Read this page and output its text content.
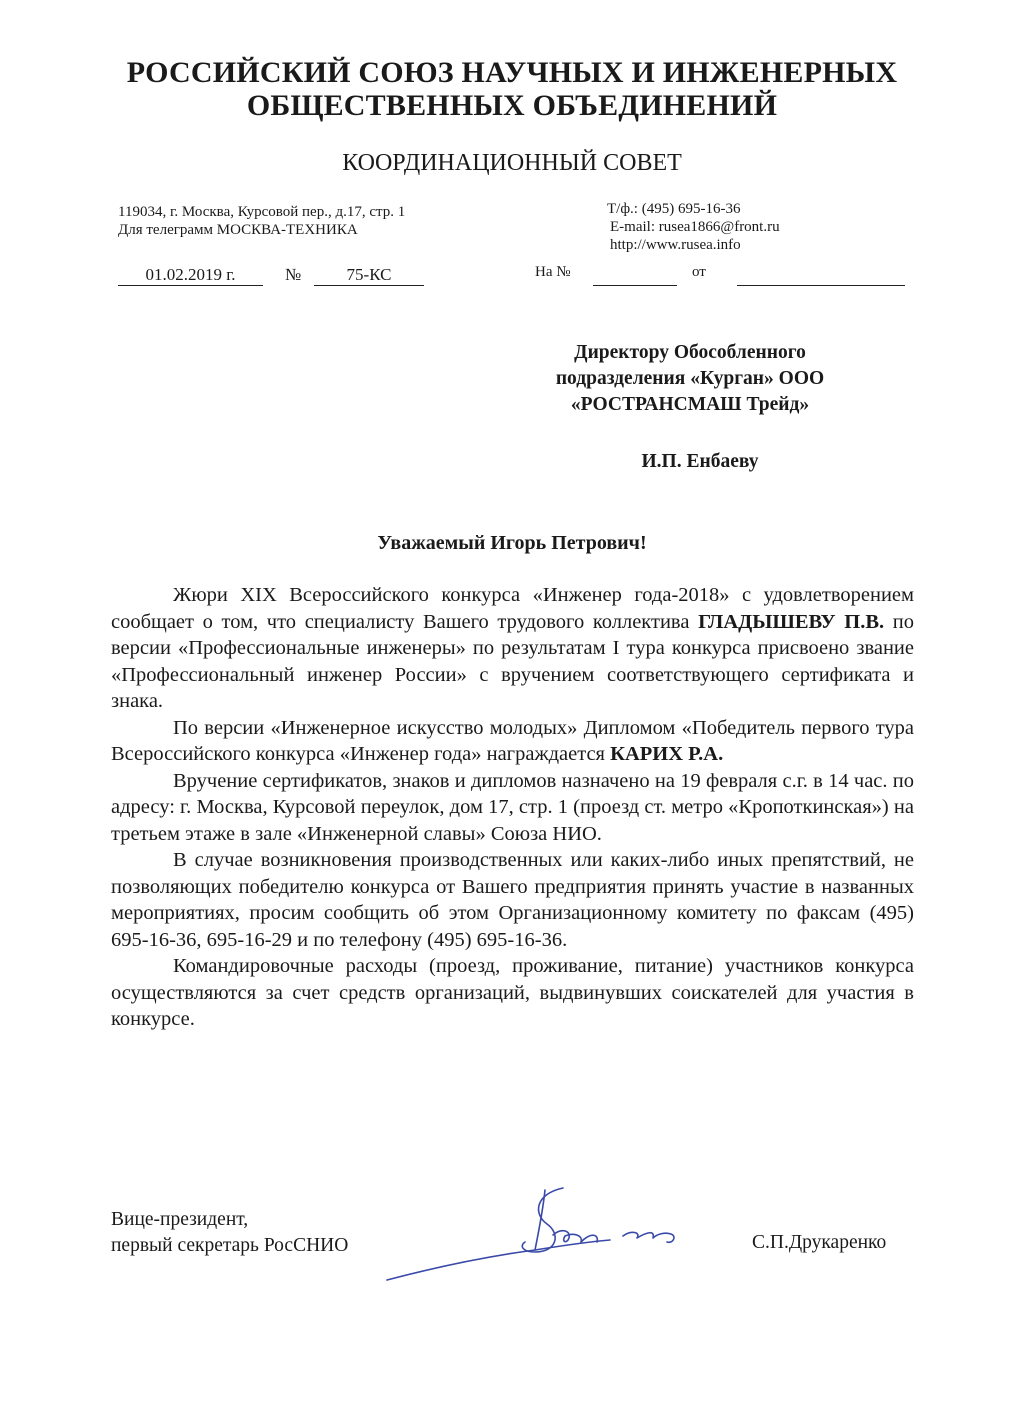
РОССИЙСКИЙ СОЮЗ НАУЧНЫХ И ИНЖЕНЕРНЫХ
ОБЩЕСТВЕННЫХ ОБЪЕДИНЕНИЙ
КООРДИНАЦИОННЫЙ СОВЕТ
119034, г. Москва, Курсовой пер., д.17, стр. 1
Для телеграмм МОСКВА-ТЕХНИКА
Т/ф.: (495) 695-16-36
E-mail: rusea1866@front.ru
http://www.rusea.info
01.02.2019 г.	№	75-КС	На №	от
Директору Обособленного
подразделения «Курган» ООО
«РОСТРАНСМАШ Трейд»
И.П. Енбаеву
Уважаемый Игорь Петрович!

Жюри XIX Всероссийского конкурса «Инженер года-2018» с удовлетворением сообщает о том, что специалисту Вашего трудового коллектива ГЛАДЫШЕВУ П.В. по версии «Профессиональные инженеры» по результатам I тура конкурса присвоено звание «Профессиональный инженер России» с вручением соответствующего сертификата и знака.

По версии «Инженерное искусство молодых» Дипломом «Победитель первого тура Всероссийского конкурса «Инженер года» награждается КАРИХ Р.А.

Вручение сертификатов, знаков и дипломов назначено на 19 февраля с.г. в 14 час. по адресу: г. Москва, Курсовой переулок, дом 17, стр. 1 (проезд ст. метро «Кропоткинская») на третьем этаже в зале «Инженерной славы» Союза НИО.

В случае возникновения производственных или каких-либо иных препятствий, не позволяющих победителю конкурса от Вашего предприятия принять участие в названных мероприятиях, просим сообщить об этом Организационному комитету по факсам (495) 695-16-36, 695-16-29 и по телефону (495) 695-16-36.

Командировочные расходы (проезд, проживание, питание) участников конкурса осуществляются за счет средств организаций, выдвинувших соискателей для участия в конкурсе.

Вице-президент,
первый секретарь РосСНИО	С.П.Друкаренко
